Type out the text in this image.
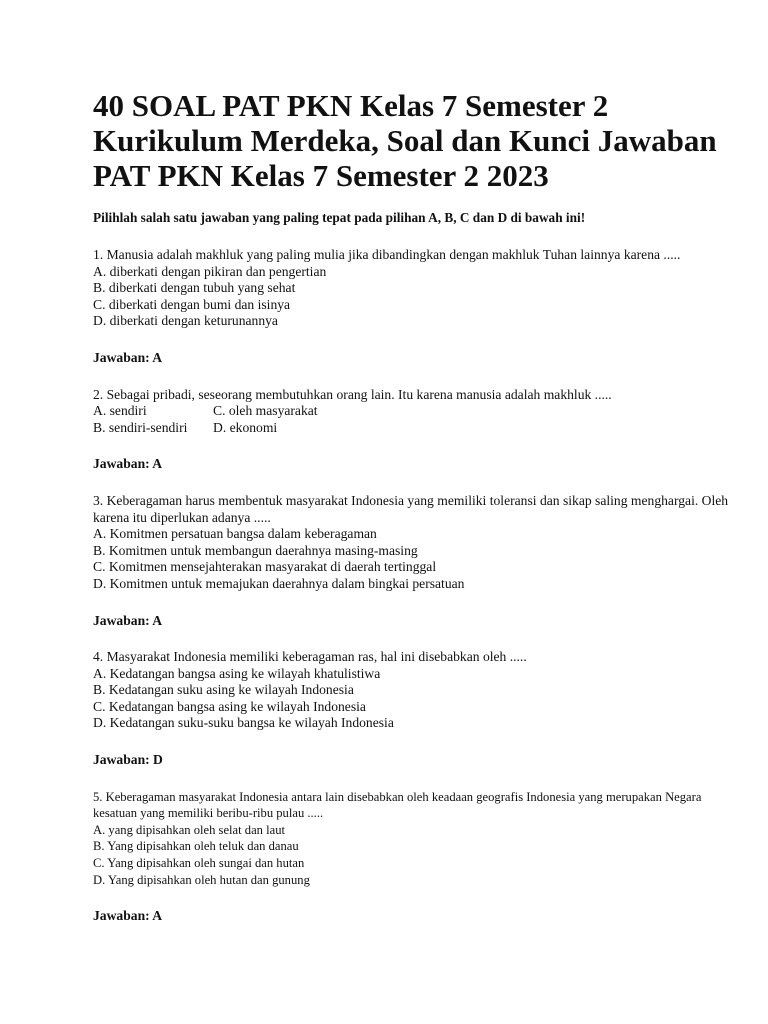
40 SOAL PAT PKN Kelas 7 Semester 2 Kurikulum Merdeka, Soal dan Kunci Jawaban PAT PKN Kelas 7 Semester 2 2023

Pilihlah salah satu jawaban yang paling tepat pada pilihan A, B, C dan D di bawah ini!

1. Manusia adalah makhluk yang paling mulia jika dibandingkan dengan makhluk Tuhan lainnya karena .....
A. diberkati dengan pikiran dan pengertian
B. diberkati dengan tubuh yang sehat
C. diberkati dengan bumi dan isinya
D. diberkati dengan keturunannya

Jawaban: A

2. Sebagai pribadi, seseorang membutuhkan orang lain. Itu karena manusia adalah makhluk .....
A. sendiri	C. oleh masyarakat
B. sendiri-sendiri	D. ekonomi

Jawaban: A

3. Keberagaman harus membentuk masyarakat Indonesia yang memiliki toleransi dan sikap saling menghargai. Oleh karena itu diperlukan adanya .....
A. Komitmen persatuan bangsa dalam keberagaman
B. Komitmen untuk membangun daerahnya masing-masing
C. Komitmen mensejahterakan masyarakat di daerah tertinggal
D. Komitmen untuk memajukan daerahnya dalam bingkai persatuan

Jawaban: A

4. Masyarakat Indonesia memiliki keberagaman ras, hal ini disebabkan oleh .....
A. Kedatangan bangsa asing ke wilayah khatulistiwa
B. Kedatangan suku asing ke wilayah Indonesia
C. Kedatangan bangsa asing ke wilayah Indonesia
D. Kedatangan suku-suku bangsa ke wilayah Indonesia

Jawaban: D

5. Keberagaman masyarakat Indonesia antara lain disebabkan oleh keadaan geografis Indonesia yang merupakan Negara kesatuan yang memiliki beribu-ribu pulau .....
A. yang dipisahkan oleh selat dan laut
B. Yang dipisahkan oleh teluk dan danau
C. Yang dipisahkan oleh sungai dan hutan
D. Yang dipisahkan oleh hutan dan gunung

Jawaban: A
